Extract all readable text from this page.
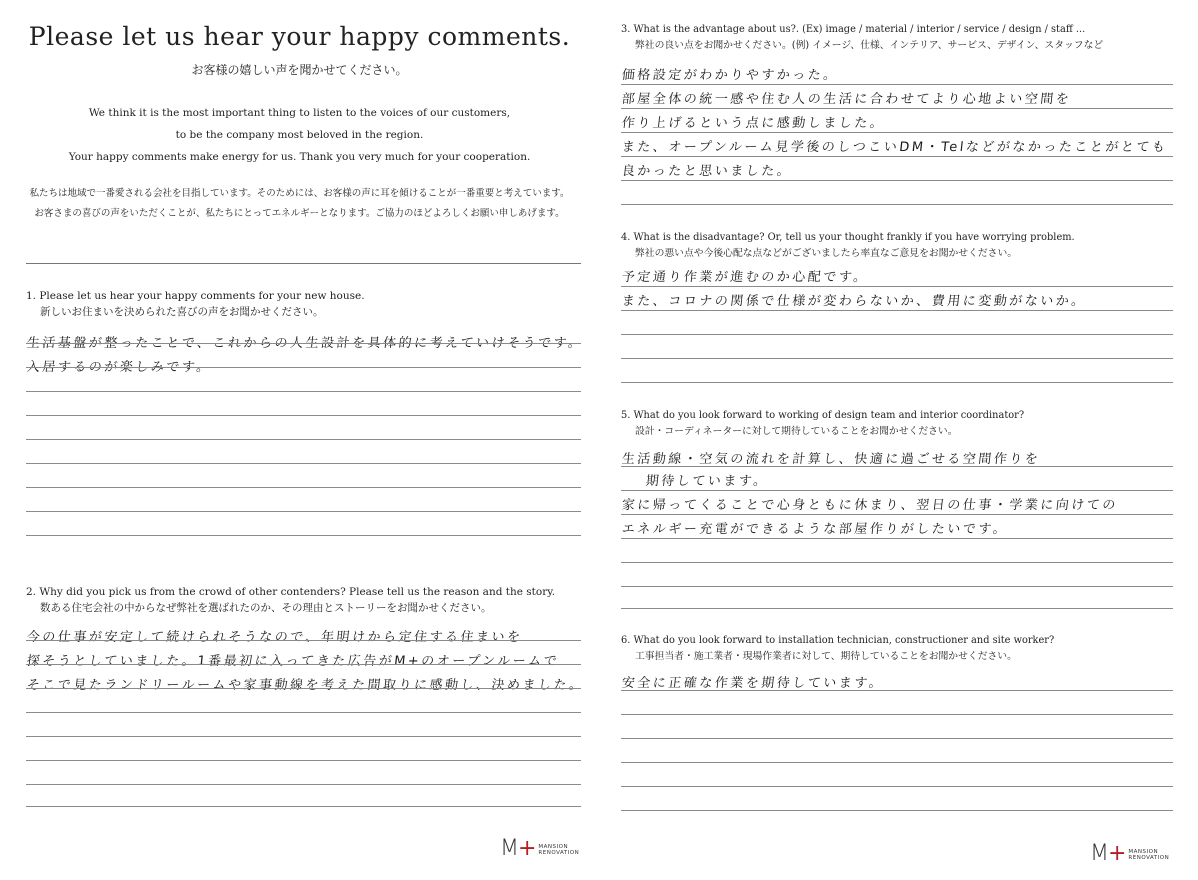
Please let us hear your happy comments.
お客様の嬉しい声を聞かせてください。
We think it is the most important thing to listen to the voices of our customers,
to be the company most beloved in the region.
Your happy comments make energy for us. Thank you very much for your cooperation.
私たちは地域で一番愛される会社を目指しています。そのためには、お客様の声に耳を傾けることが一番重要と考えています。
お客さまの喜びの声をいただくことが、私たちにとってエネルギーとなります。ご協力のほどよろしくお願い申しあげます。
1. Please let us hear your happy comments for your new house.
新しいお住まいを決められた喜びの声をお聞かせください。
生活基盤が整ったことで、これからの人生設計を具体的に考えていけそうです。
入居するのが楽しみです。
2. Why did you pick us from the crowd of other contenders? Please tell us the reason and the story.
数ある住宅会社の中からなぜ弊社を選ばれたのか、その理由とストーリーをお聞かせください。
今の仕事が安定して続けられそうなので、年明けから定住する住まいを
探そうとしていました。1番最初に入ってきた広告がM+のオープンルームで
そこで見たランドリールームや家事動線を考えた間取りに感動し、決めました。
M+ MANSION
RENOVATION
3. What is the advantage about us?. (Ex) image / material / interior / service / design / staff ...
弊社の良い点をお聞かせください。(例) イメージ、仕様、インテリア、サービス、デザイン、スタッフなど
価格設定がわかりやすかった。
部屋全体の統一感や住む人の生活に合わせてより心地よい空間を
作り上げるという点に感動しました。
また、オープンルーム見学後のしつこいDM・Telなどがなかったことがとても
良かったと思いました。
4. What is the disadvantage? Or, tell us your thought frankly if you have worrying problem.
弊社の悪い点や今後心配な点などがございましたら率直なご意見をお聞かせください。
予定通り作業が進むのか心配です。
また、コロナの関係で仕様が変わらないか、費用に変動がないか。
5. What do you look forward to working of design team and interior coordinator?
設計・コーディネーターに対して期待していることをお聞かせください。
生活動線・空気の流れを計算し、快適に過ごせる空間作りを
期待しています。
家に帰ってくることで心身ともに休まり、翌日の仕事・学業に向けての
エネルギー充電ができるような部屋作りがしたいです。
6. What do you look forward to installation technician, constructioner and site worker?
工事担当者・施工業者・現場作業者に対して、期待していることをお聞かせください。
安全に正確な作業を期待しています。
M+ MANSION
RENOVATION
